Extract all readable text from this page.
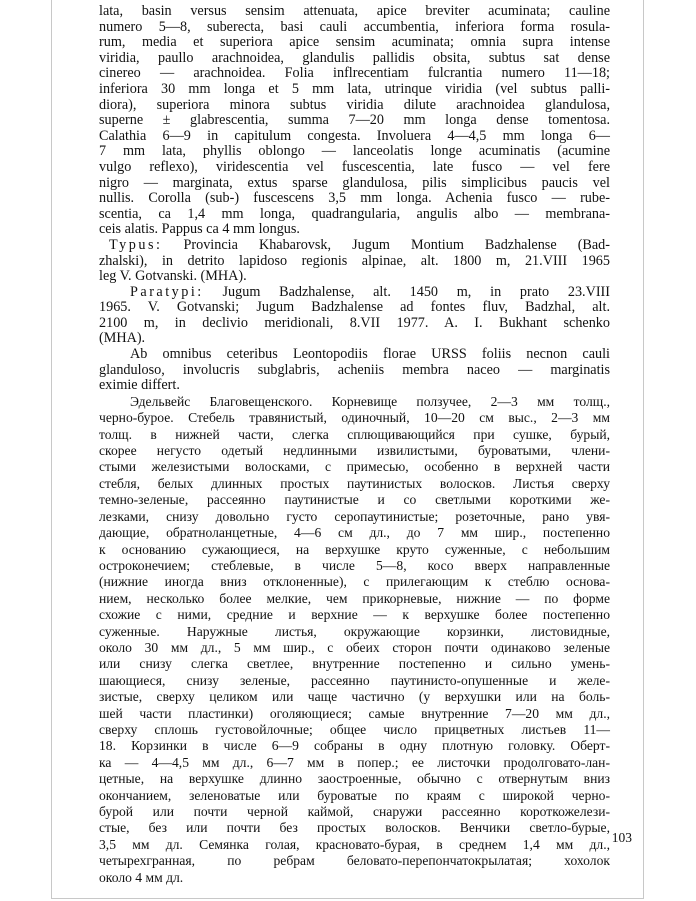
lata, basin versus sensim attenuata, apice breviter acuminata; cauline
numero 5—8, suberecta, basi cauli accumbentia, inferiora forma rosula-
rum, media et superiora apice sensim acuminata; omnia supra intense
viridia, paullo arachnoidea, glandulis pallidis obsita, subtus sat dense
cinereo — arachnoidea. Folia inflrecentiam fulcrantia numero 11—18;
inferiora 30 mm longa et 5 mm lata, utrinque viridia (vel subtus palli-
diora), superiora minora subtus viridia dilute arachnoidea glandulosa,
superne ± glabrescentia, summa 7—20 mm longa dense tomentosa.
Calathia 6—9 in capitulum congesta. Involuera 4—4,5 mm longa 6—
7 mm lata, phyllis oblongo — lanceolatis longe acuminatis (acumine
vulgo reflexo), viridescentia vel fuscescentia, late fusco — vel fere
nigro — marginata, extus sparse glandulosa, pilis simplicibus paucis vel
nullis. Corolla (sub-) fuscescens 3,5 mm longa. Achenia fusco — rube-
scentia, ca 1,4 mm longa, quadrangularia, angulis albo — membrana-
ceis alatis. Pappus ca 4 mm longus.
Typus: Provincia Khabarovsk, Jugum Montium Badzhalense (Bad-
zhalski), in detrito lapidoso regionis alpinae, alt. 1800 m, 21.VIII 1965
leg V. Gotvanski. (MHA).
Paratypi: Jugum Badzhalense, alt. 1450 m, in prato 23.VIII
1965. V. Gotvanski; Jugum Badzhalense ad fontes fluv, Badzhal, alt.
2100 m, in declivio meridionali, 8.VII 1977. A. I. Bukhant schenko
(MHA).
Ab omnibus ceteribus Leontopodiis florae URSS foliis necnon cauli
glanduloso, involucris subglabris, acheniis membra naceo — marginatis
eximie differt.
Эдельвейс Благовещенского. Корневище ползучее, 2—3 мм толщ.,
черно-бурое. Стебель травянистый, одиночный, 10—20 см выс., 2—3 мм
толщ. в нижней части, слегка сплющивающийся при сушке, бурый,
скорее негусто одетый недлинными извилистыми, буроватыми, члени-
стыми железистыми волосками, с примесью, особенно в верхней части
стебля, белых длинных простых паутинистых волосков. Листья сверху
темно-зеленые, рассеянно паутинистые и со светлыми короткими же-
лезками, снизу довольно густо серопаутинистые; розеточные, рано увя-
дающие, обратноланцетные, 4—6 см дл., до 7 мм шир., постепенно
к основанию сужающиеся, на верхушке круто суженные, с небольшим
остроконечием; стеблевые, в числе 5—8, косо вверх направленные
(нижние иногда вниз отклоненные), с прилегающим к стеблю основа-
нием, несколько более мелкие, чем прикорневые, нижние — по форме
схожие с ними, средние и верхние — к верхушке более постепенно
суженные. Наружные листья, окружающие корзинки, листовидные,
около 30 мм дл., 5 мм шир., с обеих сторон почти одинаково зеленые
или снизу слегка светлее, внутренние постепенно и сильно умень-
шающиеся, снизу зеленые, рассеянно паутинисто-опушенные и желе-
зистые, сверху целиком или чаще частично (у верхушки или на боль-
шей части пластинки) оголяющиеся; самые внутренние 7—20 мм дл.,
сверху сплошь густовойлочные; общее число прицветных листьев 11—
18. Корзинки в числе 6—9 собраны в одну плотную головку. Оберт-
ка — 4—4,5 мм дл., 6—7 мм в попер.; ее листочки продолговато-лан-
цетные, на верхушке длинно заостроенные, обычно с отвернутым вниз
окончанием, зеленоватые или буроватые по краям с широкой черно-
бурой или почти черной каймой, снаружи рассеянно короткожелези-
стые, без или почти без простых волосков. Венчики светло-бурые,
3,5 мм дл. Семянка голая, красновато-бурая, в среднем 1,4 мм дл.,
четырехгранная, по ребрам беловато-перепончатокрылатая; хохолок
около 4 мм дл.
103
